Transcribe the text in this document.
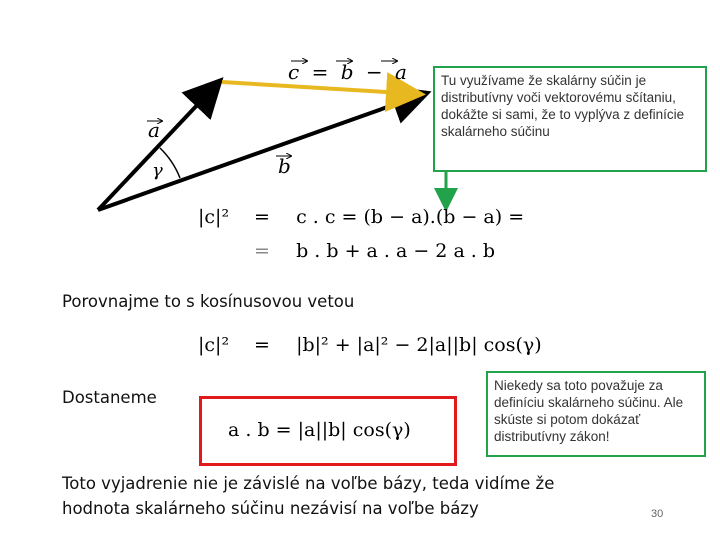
a
b
γ
c = b − a	Tu využívame že skalárny súčin je distributívny voči vektorovému sčítaniu, dokážte si sami, že to vyplýva z definície skalárneho súčinu
|c|² = c . c = (b − a).(b − a) =
= b . b + a . a − 2 a . b
Porovnajme to s kosínusovou vetou
|c|² = |b|² + |a|² − 2|a||b| cos(γ)
Dostaneme
a . b = |a||b| cos(γ)
Niekedy sa toto považuje za definíciu skalárneho súčinu. Ale skúste si potom dokázať distributívny zákon!
Toto vyjadrenie nie je závislé na voľbe bázy, teda vidíme že
hodnota skalárneho súčinu nezávisí na voľbe bázy	30
